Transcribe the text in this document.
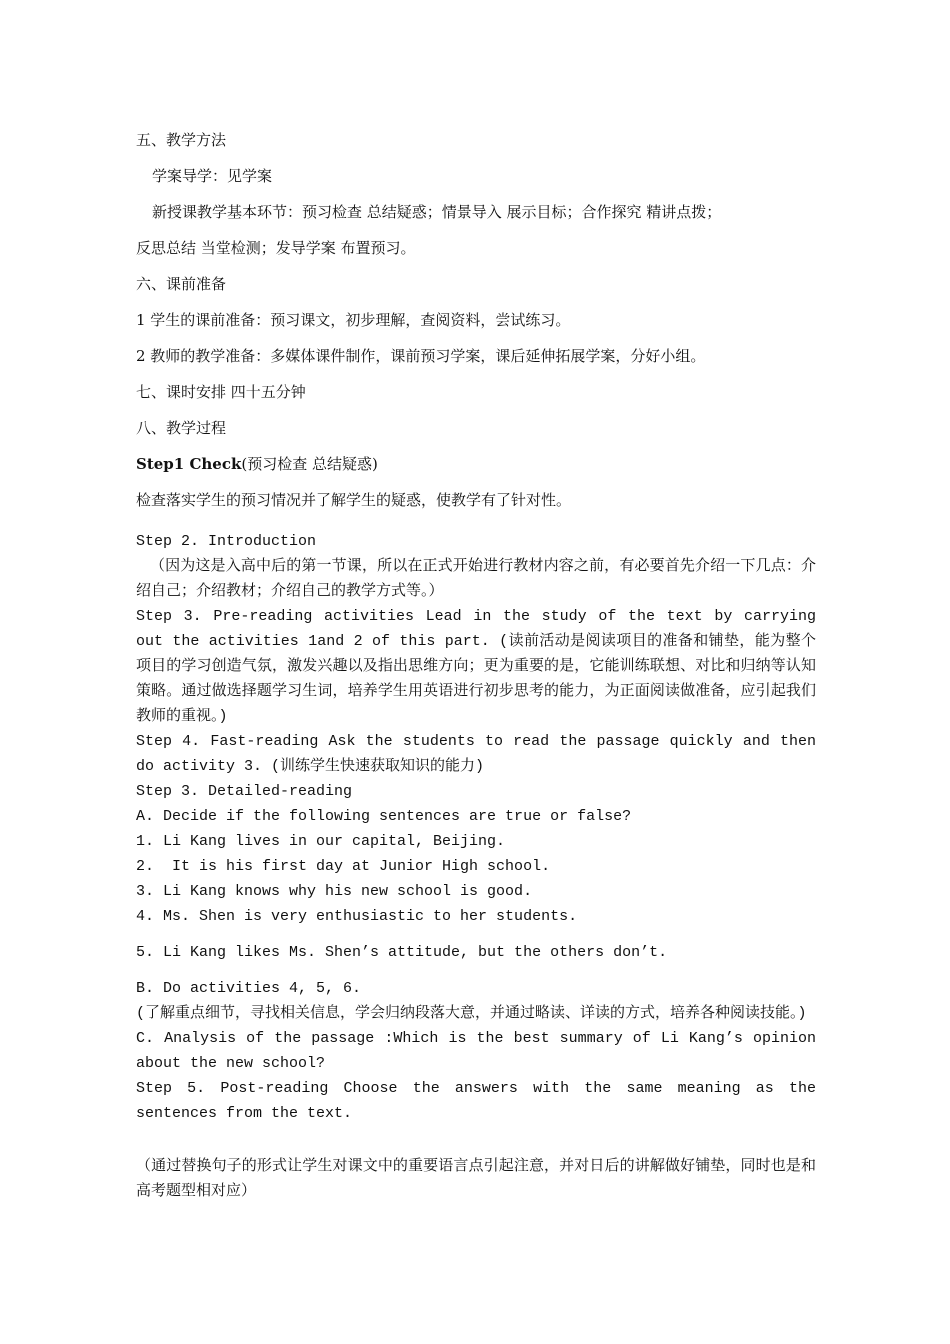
五、教学方法

学案导学：见学案

新授课教学基本环节：预习检查 总结疑惑；情景导入 展示目标；合作探究 精讲点拨；

反思总结 当堂检测；发导学案 布置预习。

六、课前准备

1 学生的课前准备：预习课文，初步理解，查阅资料，尝试练习。

2 教师的教学准备：多媒体课件制作，课前预习学案，课后延伸拓展学案，分好小组。

七、课时安排 四十五分钟

八、教学过程

Step1 Check(预习检查 总结疑惑)

检查落实学生的预习情况并了解学生的疑惑，使教学有了针对性。

Step 2. Introduction

（因为这是入高中后的第一节课，所以在正式开始进行教材内容之前，有必要首先介绍一下几点：介绍自己；介绍教材；介绍自己的教学方式等。）

Step 3. Pre-reading activities Lead in the study of the text by carrying out the activities 1and 2 of this part. (读前活动是阅读项目的准备和铺垫，能为整个项目的学习创造气氛，激发兴趣以及指出思维方向；更为重要的是，它能训练联想、对比和归纳等认知策略。通过做选择题学习生词，培养学生用英语进行初步思考的能力，为正面阅读做准备，应引起我们教师的重视。)

Step 4. Fast-reading Ask the students to read the passage quickly and then do activity 3. (训练学生快速获取知识的能力)

Step 3. Detailed-reading

A. Decide if the following sentences are true or false?

1. Li Kang lives in our capital, Beijing.

2.  It is his first day at Junior High school.

3. Li Kang knows why his new school is good.

4. Ms. Shen is very enthusiastic to her students.

5. Li Kang likes Ms. Shen’s attitude, but the others don’t.

B. Do activities 4, 5, 6.

(了解重点细节，寻找相关信息，学会归纳段落大意，并通过略读、详读的方式，培养各种阅读技能。)

C. Analysis of the passage :Which is the best summary of Li Kang’s opinion about the new school?

Step 5. Post-reading Choose the answers with the same meaning as the sentences from the text.

（通过替换句子的形式让学生对课文中的重要语言点引起注意，并对日后的讲解做好铺垫，同时也是和高考题型相对应）
